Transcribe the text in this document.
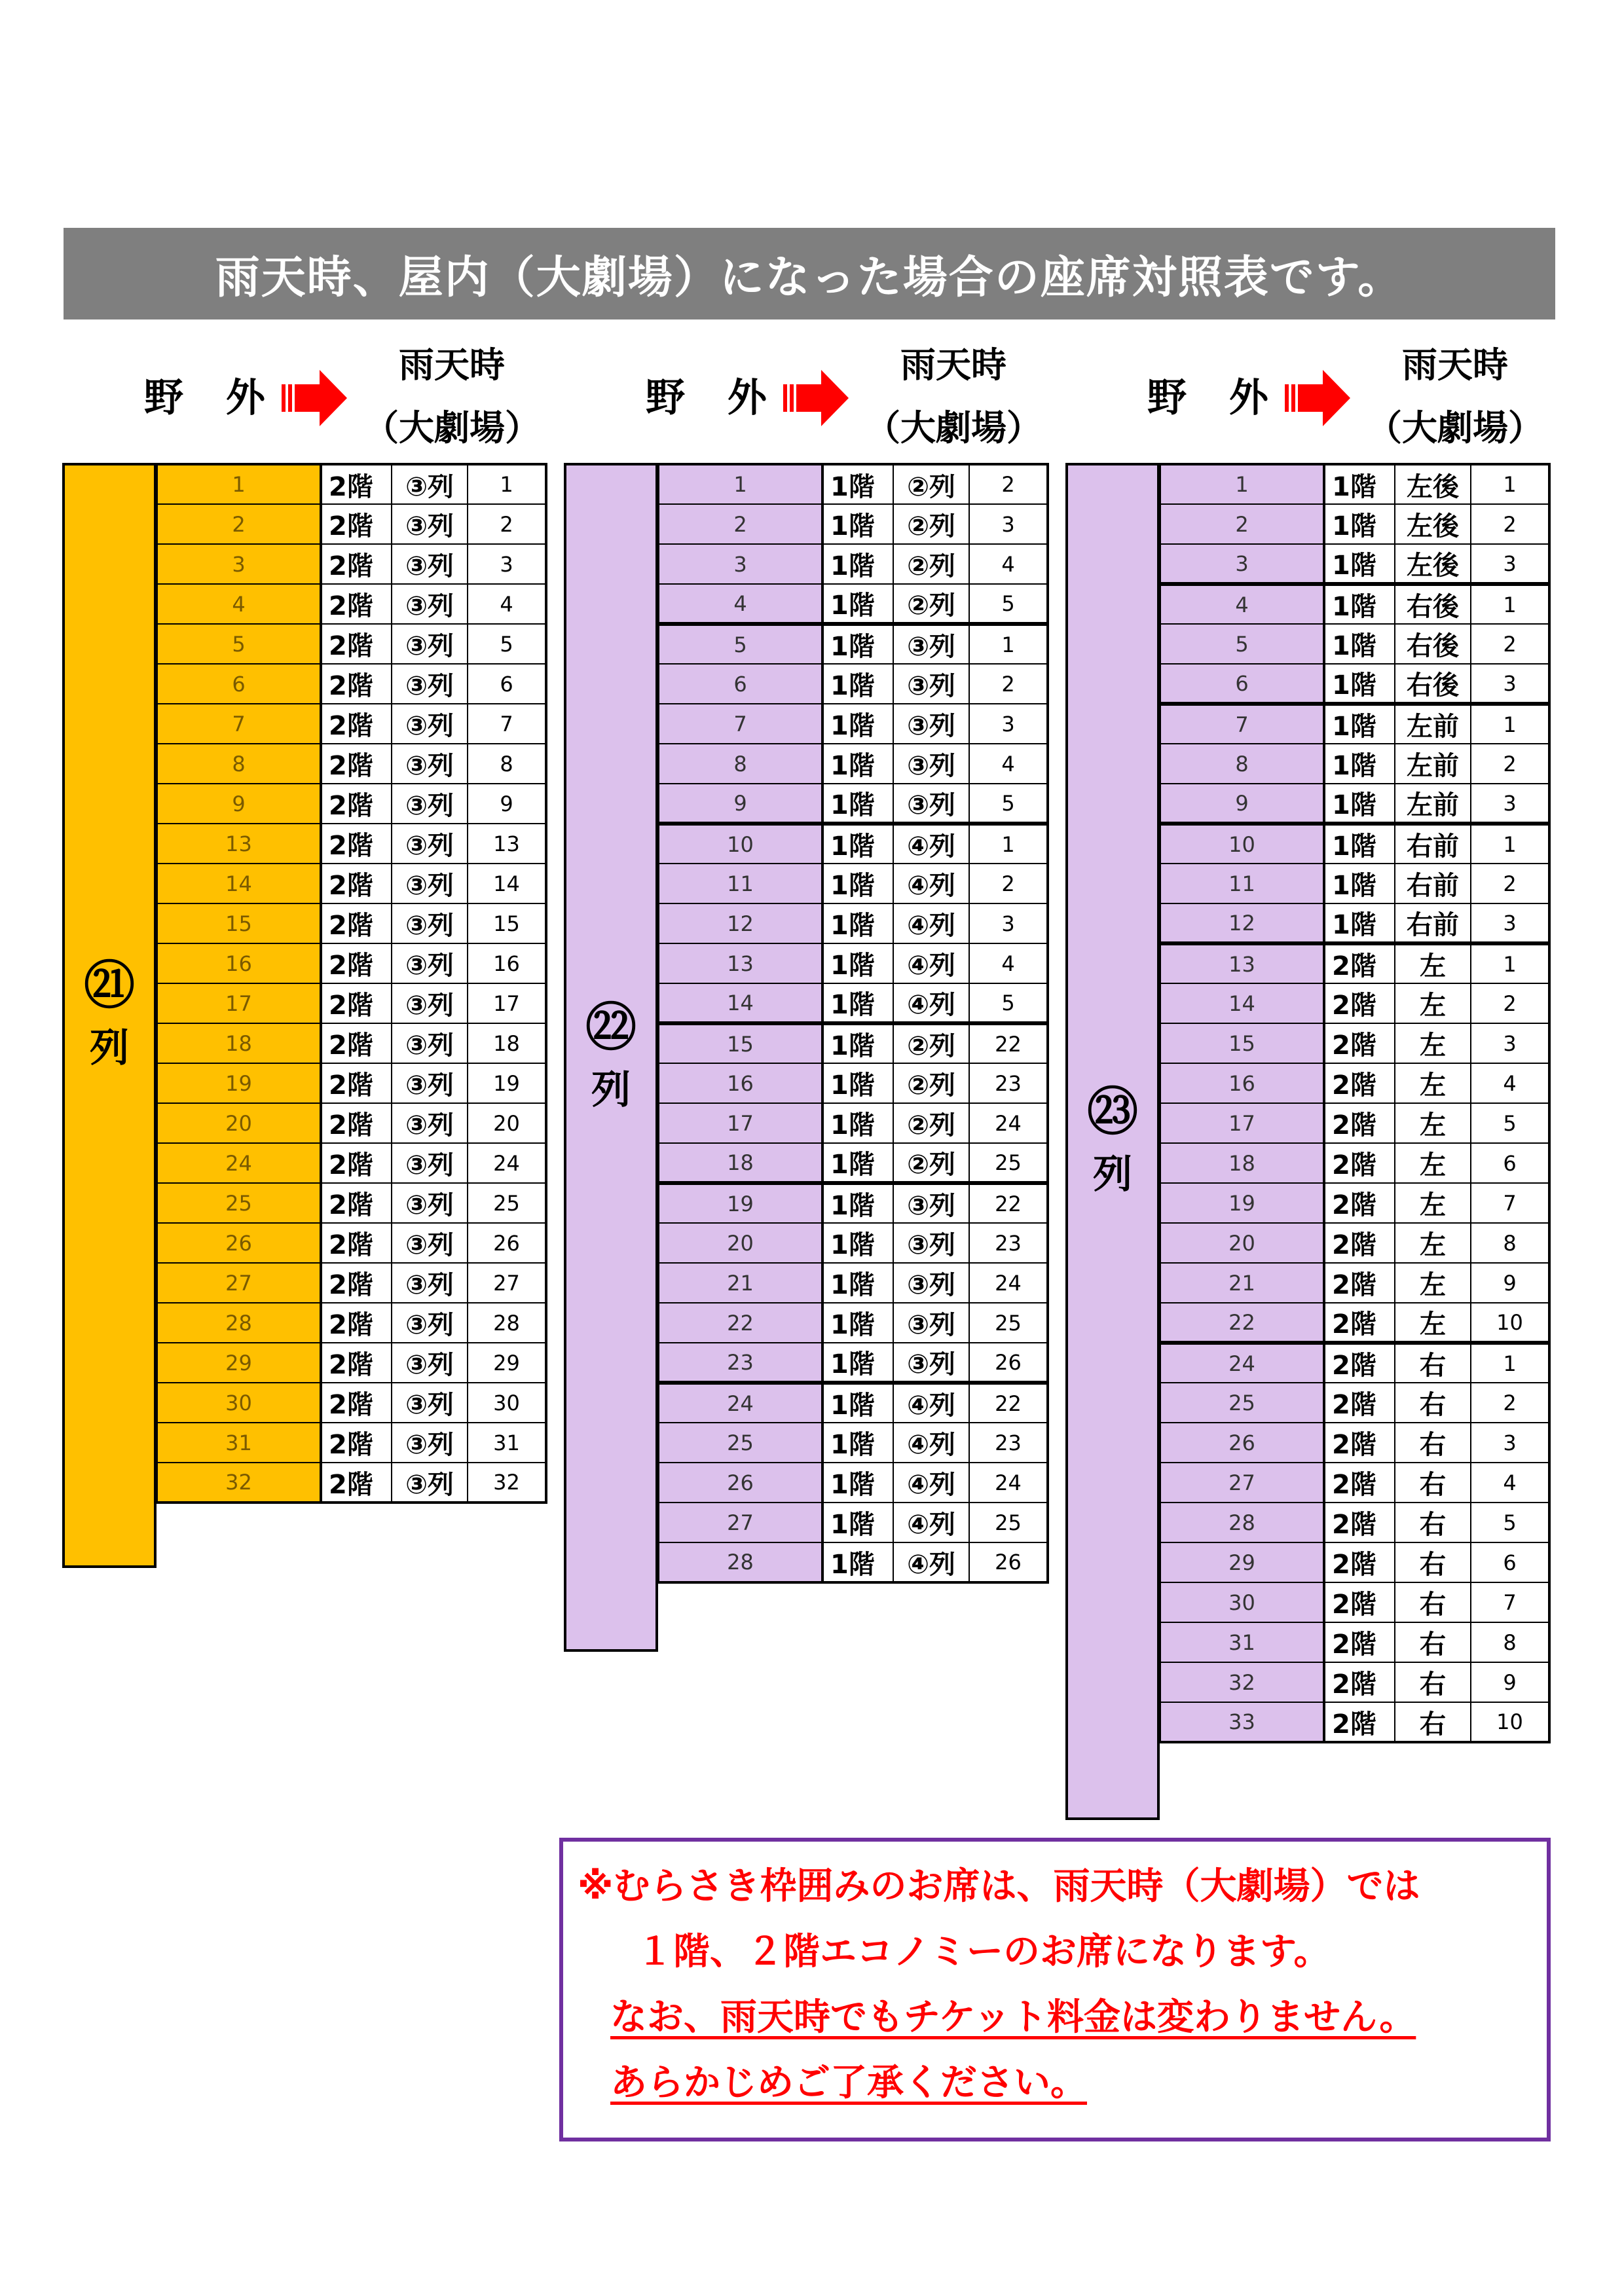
雨天時、屋内（大劇場）になった場合の座席対照表です。
野 外
雨天時
（大劇場）
野 外
雨天時
（大劇場）
野 外
雨天時
（大劇場）
㉑
列
1	2階	③列	1
2	2階	③列	2
3	2階	③列	3
4	2階	③列	4
5	2階	③列	5
6	2階	③列	6
7	2階	③列	7
8	2階	③列	8
9	2階	③列	9
13	2階	③列	13
14	2階	③列	14
15	2階	③列	15
16	2階	③列	16
17	2階	③列	17
18	2階	③列	18
19	2階	③列	19
20	2階	③列	20
24	2階	③列	24
25	2階	③列	25
26	2階	③列	26
27	2階	③列	27
28	2階	③列	28
29	2階	③列	29
30	2階	③列	30
31	2階	③列	31
32	2階	③列	32
㉒
列
1	1階	②列	2
2	1階	②列	3
3	1階	②列	4
4	1階	②列	5
5	1階	③列	1
6	1階	③列	2
7	1階	③列	3
8	1階	③列	4
9	1階	③列	5
10	1階	④列	1
11	1階	④列	2
12	1階	④列	3
13	1階	④列	4
14	1階	④列	5
15	1階	②列	22
16	1階	②列	23
17	1階	②列	24
18	1階	②列	25
19	1階	③列	22
20	1階	③列	23
21	1階	③列	24
22	1階	③列	25
23	1階	③列	26
24	1階	④列	22
25	1階	④列	23
26	1階	④列	24
27	1階	④列	25
28	1階	④列	26
㉓
列
1	1階	左後	1
2	1階	左後	2
3	1階	左後	3
4	1階	右後	1
5	1階	右後	2
6	1階	右後	3
7	1階	左前	1
8	1階	左前	2
9	1階	左前	3
10	1階	右前	1
11	1階	右前	2
12	1階	右前	3
13	2階	左	1
14	2階	左	2
15	2階	左	3
16	2階	左	4
17	2階	左	5
18	2階	左	6
19	2階	左	7
20	2階	左	8
21	2階	左	9
22	2階	左	10
24	2階	右	1
25	2階	右	2
26	2階	右	3
27	2階	右	4
28	2階	右	5
29	2階	右	6
30	2階	右	7
31	2階	右	8
32	2階	右	9
33	2階	右	10
※むらさき枠囲みのお席は、雨天時（大劇場）では
１階、２階エコノミーのお席になります。
なお、雨天時でもチケット料金は変わりません。
あらかじめご了承ください。
